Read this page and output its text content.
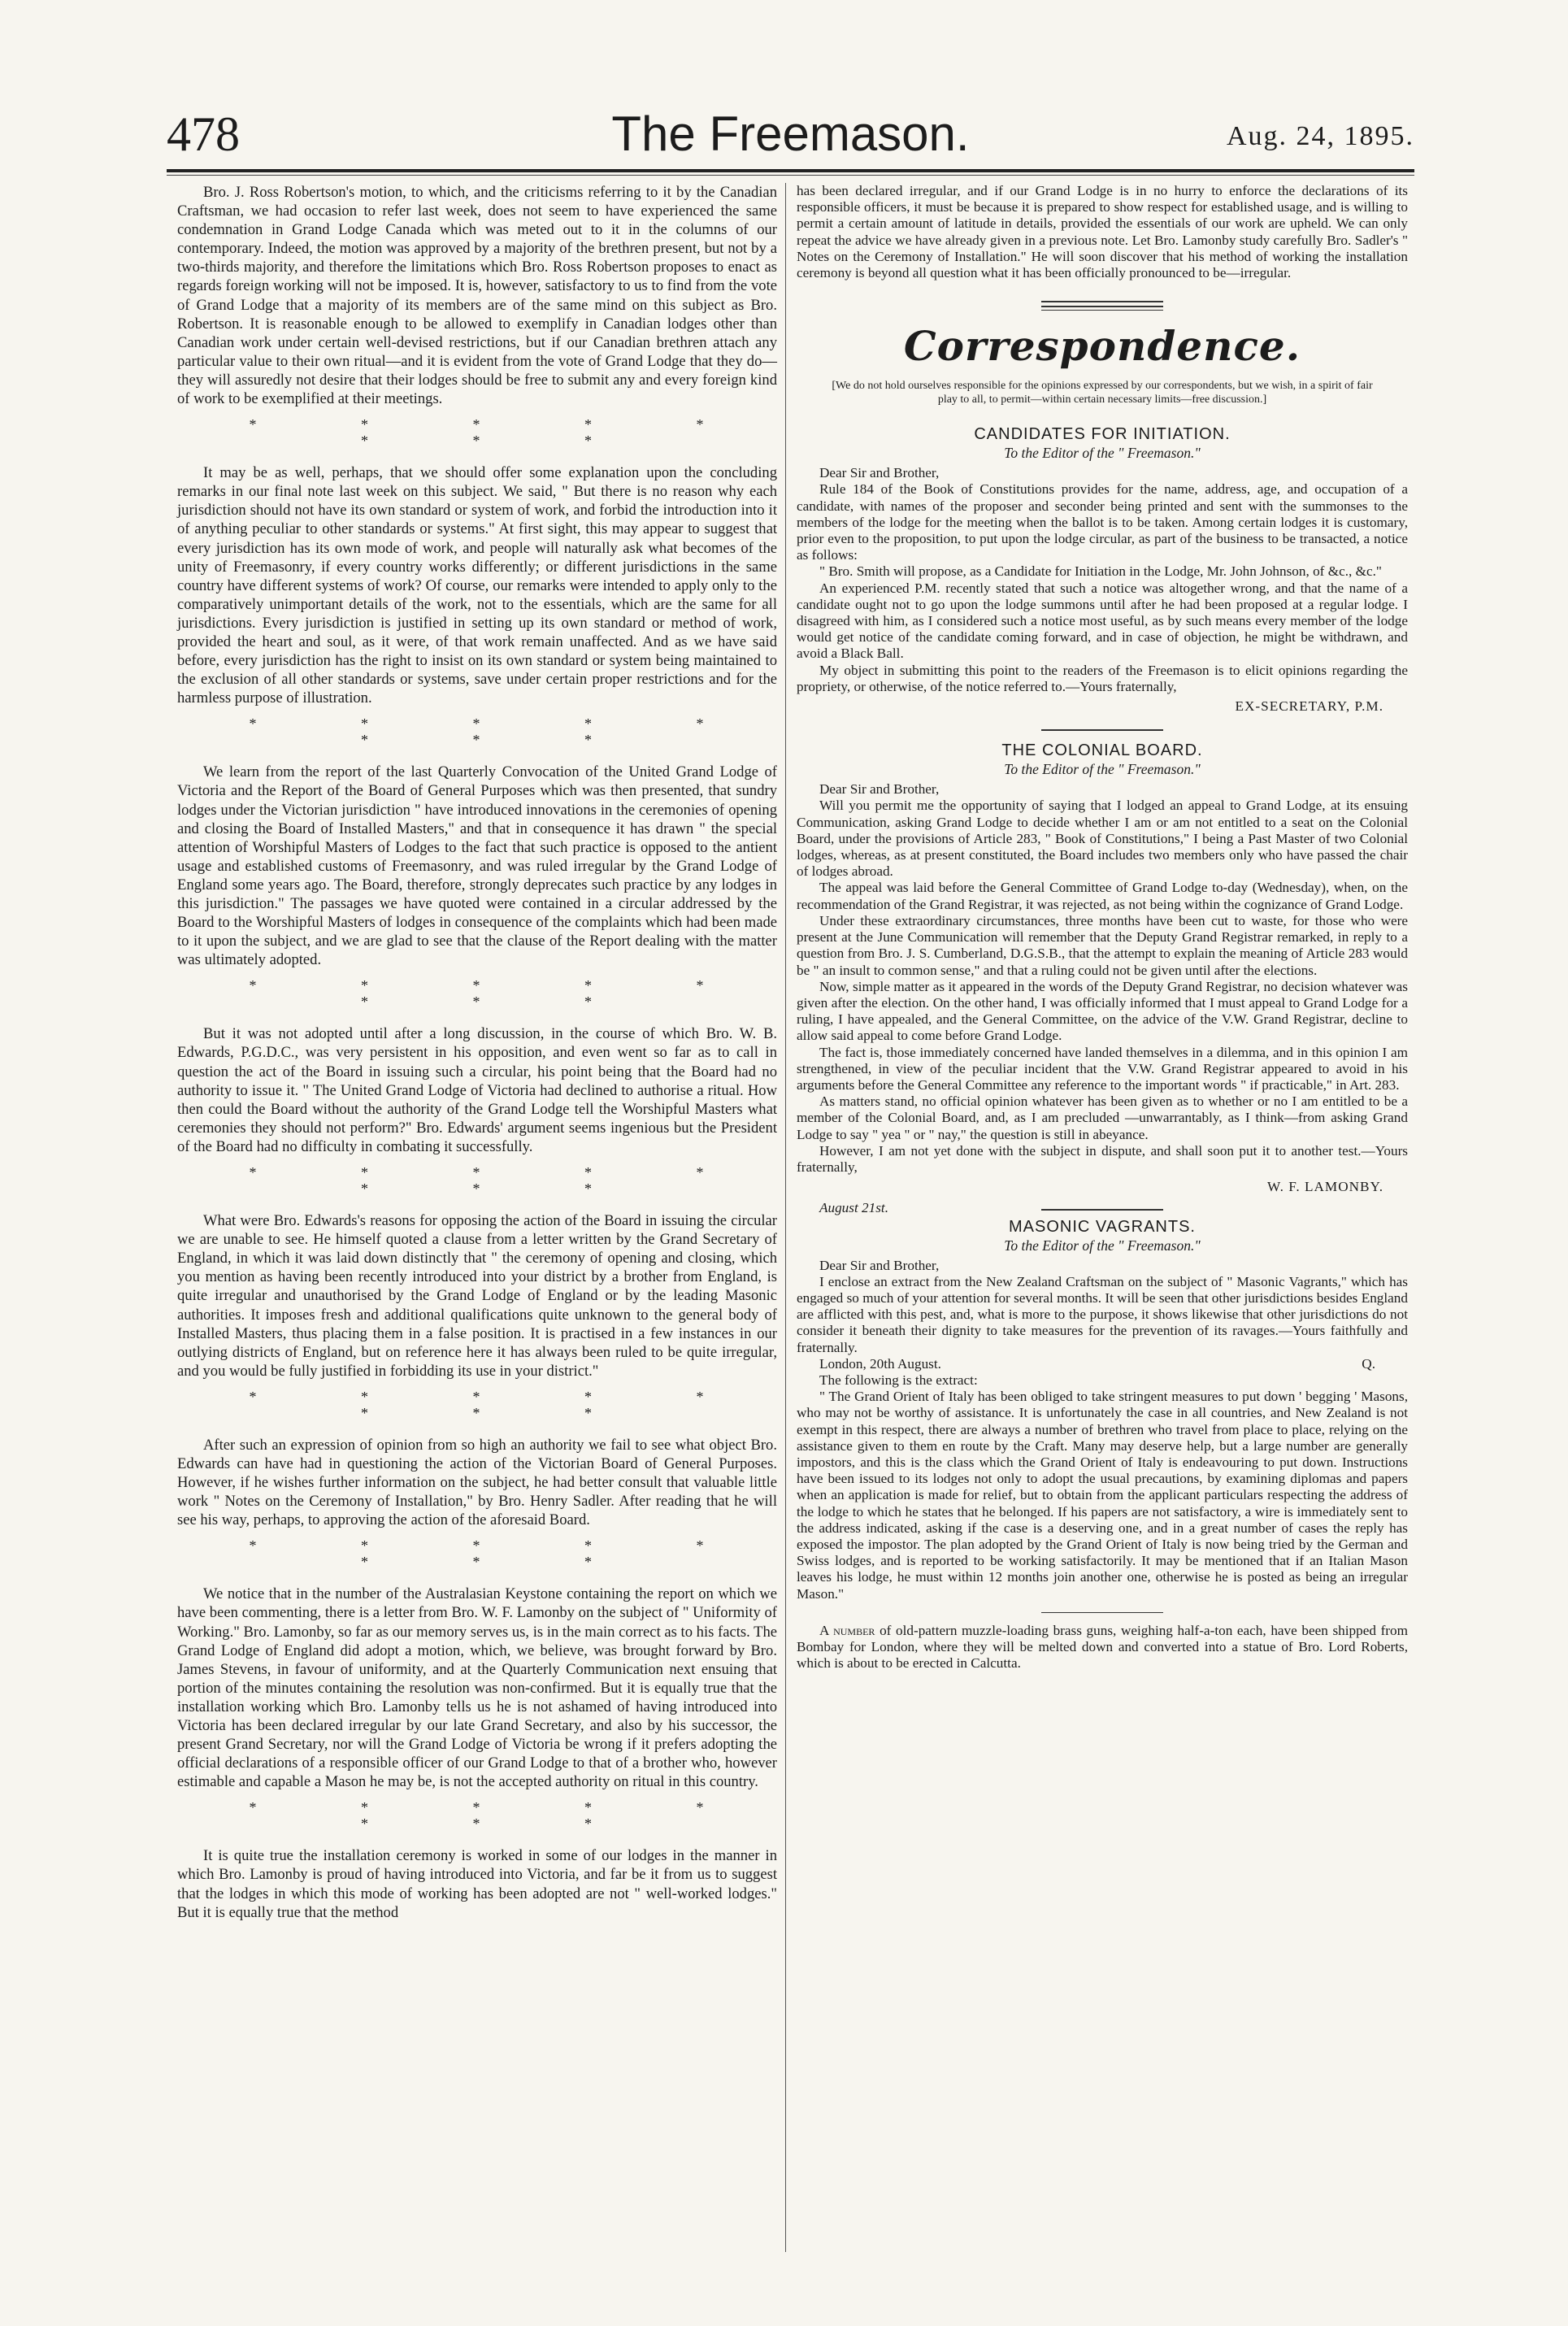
478	The Freemason.	Aug. 24, 1895.

Bro. J. Ross Robertson's motion, to which, and the criticisms referring to it by the Canadian Craftsman, we had occasion to refer last week, does not seem to have experienced the same condemnation in Grand Lodge Canada which was meted out to it in the columns of our contemporary. Indeed, the motion was approved by a majority of the brethren present, but not by a two-thirds majority, and therefore the limitations which Bro. Ross Robertson proposes to enact as regards foreign working will not be imposed. It is, however, satisfactory to us to find from the vote of Grand Lodge that a majority of its members are of the same mind on this subject as Bro. Robertson. It is reasonable enough to be allowed to exemplify in Canadian lodges other than Canadian work under certain well-devised restrictions, but if our Canadian brethren attach any particular value to their own ritual—and it is evident from the vote of Grand Lodge that they do—they will assuredly not desire that their lodges should be free to submit any and every foreign kind of work to be exemplified at their meetings.

* * * * * * * *

It may be as well, perhaps, that we should offer some explanation upon the concluding remarks in our final note last week on this subject. We said, " But there is no reason why each jurisdiction should not have its own standard or system of work, and forbid the introduction into it of anything peculiar to other standards or systems." At first sight, this may appear to suggest that every jurisdiction has its own mode of work, and people will naturally ask what becomes of the unity of Freemasonry, if every country works differently; or different jurisdictions in the same country have different systems of work? Of course, our remarks were intended to apply only to the comparatively unimportant details of the work, not to the essentials, which are the same for all jurisdictions. Every jurisdiction is justified in setting up its own standard or method of work, provided the heart and soul, as it were, of that work remain unaffected. And as we have said before, every jurisdiction has the right to insist on its own standard or system being maintained to the exclusion of all other standards or systems, save under certain proper restrictions and for the harmless purpose of illustration.

* * * * * * * *

We learn from the report of the last Quarterly Convocation of the United Grand Lodge of Victoria and the Report of the Board of General Purposes which was then presented, that sundry lodges under the Victorian jurisdiction " have introduced innovations in the ceremonies of opening and closing the Board of Installed Masters," and that in consequence it has drawn " the special attention of Worshipful Masters of Lodges to the fact that such practice is opposed to the antient usage and established customs of Freemasonry, and was ruled irregular by the Grand Lodge of England some years ago. The Board, therefore, strongly deprecates such practice by any lodges in this jurisdiction." The passages we have quoted were contained in a circular addressed by the Board to the Worshipful Masters of lodges in consequence of the complaints which had been made to it upon the subject, and we are glad to see that the clause of the Report dealing with the matter was ultimately adopted.

* * * * * * * *

But it was not adopted until after a long discussion, in the course of which Bro. W. B. Edwards, P.G.D.C., was very persistent in his opposition, and even went so far as to call in question the act of the Board in issuing such a circular, his point being that the Board had no authority to issue it. " The United Grand Lodge of Victoria had declined to authorise a ritual. How then could the Board without the authority of the Grand Lodge tell the Worshipful Masters what ceremonies they should not perform?" Bro. Edwards' argument seems ingenious but the President of the Board had no difficulty in combating it successfully.

* * * * * * * *

What were Bro. Edwards's reasons for opposing the action of the Board in issuing the circular we are unable to see. He himself quoted a clause from a letter written by the Grand Secretary of England, in which it was laid down distinctly that " the ceremony of opening and closing, which you mention as having been recently introduced into your district by a brother from England, is quite irregular and unauthorised by the Grand Lodge of England or by the leading Masonic authorities. It imposes fresh and additional qualifications quite unknown to the general body of Installed Masters, thus placing them in a false position. It is practised in a few instances in our outlying districts of England, but on reference here it has always been ruled to be quite irregular, and you would be fully justified in forbidding its use in your district."

* * * * * * * *

After such an expression of opinion from so high an authority we fail to see what object Bro. Edwards can have had in questioning the action of the Victorian Board of General Purposes. However, if he wishes further information on the subject, he had better consult that valuable little work " Notes on the Ceremony of Installation," by Bro. Henry Sadler. After reading that he will see his way, perhaps, to approving the action of the aforesaid Board.

* * * * * * * *

We notice that in the number of the Australasian Keystone containing the report on which we have been commenting, there is a letter from Bro. W. F. Lamonby on the subject of " Uniformity of Working." Bro. Lamonby, so far as our memory serves us, is in the main correct as to his facts. The Grand Lodge of England did adopt a motion, which, we believe, was brought forward by Bro. James Stevens, in favour of uniformity, and at the Quarterly Communication next ensuing that portion of the minutes containing the resolution was non-confirmed. But it is equally true that the installation working which Bro. Lamonby tells us he is not ashamed of having introduced into Victoria has been declared irregular by our late Grand Secretary, and also by his successor, the present Grand Secretary, nor will the Grand Lodge of Victoria be wrong if it prefers adopting the official declarations of a responsible officer of our Grand Lodge to that of a brother who, however estimable and capable a Mason he may be, is not the accepted authority on ritual in this country.

* * * * * * * *

It is quite true the installation ceremony is worked in some of our lodges in the manner in which Bro. Lamonby is proud of having introduced into Victoria, and far be it from us to suggest that the lodges in which this mode of working has been adopted are not " well-worked lodges." But it is equally true that the method

has been declared irregular, and if our Grand Lodge is in no hurry to enforce the declarations of its responsible officers, it must be because it is prepared to show respect for established usage, and is willing to permit a certain amount of latitude in details, provided the essentials of our work are upheld. We can only repeat the advice we have already given in a previous note. Let Bro. Lamonby study carefully Bro. Sadler's " Notes on the Ceremony of Installation." He will soon discover that his method of working the installation ceremony is beyond all question what it has been officially pronounced to be—irregular.

Correspondence.
[We do not hold ourselves responsible for the opinions expressed by our correspondents, but we wish, in a spirit of fair play to all, to permit—within certain necessary limits—free discussion.]

CANDIDATES FOR INITIATION.

To the Editor of the " Freemason."

Dear Sir and Brother,

Rule 184 of the Book of Constitutions provides for the name, address, age, and occupation of a candidate, with names of the proposer and seconder being printed and sent with the summonses to the members of the lodge for the meeting when the ballot is to be taken. Among certain lodges it is customary, prior even to the proposition, to put upon the lodge circular, as part of the business to be transacted, a notice as follows:

" Bro. Smith will propose, as a Candidate for Initiation in the Lodge, Mr. John Johnson, of &c., &c."

An experienced P.M. recently stated that such a notice was altogether wrong, and that the name of a candidate ought not to go upon the lodge summons until after he had been proposed at a regular lodge. I disagreed with him, as I considered such a notice most useful, as by such means every member of the lodge would get notice of the candidate coming forward, and in case of objection, he might be withdrawn, and avoid a Black Ball.

My object in submitting this point to the readers of the Freemason is to elicit opinions regarding the propriety, or otherwise, of the notice referred to.—Yours fraternally,

EX-SECRETARY, P.M.

THE COLONIAL BOARD.

To the Editor of the " Freemason."

Dear Sir and Brother,

Will you permit me the opportunity of saying that I lodged an appeal to Grand Lodge, at its ensuing Communication, asking Grand Lodge to decide whether I am or am not entitled to a seat on the Colonial Board, under the provisions of Article 283, " Book of Constitutions," I being a Past Master of two Colonial lodges, whereas, as at present constituted, the Board includes two members only who have passed the chair of lodges abroad.

The appeal was laid before the General Committee of Grand Lodge to-day (Wednesday), when, on the recommendation of the Grand Registrar, it was rejected, as not being within the cognizance of Grand Lodge.

Under these extraordinary circumstances, three months have been cut to waste, for those who were present at the June Communication will remember that the Deputy Grand Registrar remarked, in reply to a question from Bro. J. S. Cumberland, D.G.S.B., that the attempt to explain the meaning of Article 283 would be " an insult to common sense," and that a ruling could not be given until after the elections.

Now, simple matter as it appeared in the words of the Deputy Grand Registrar, no decision whatever was given after the election. On the other hand, I was officially informed that I must appeal to Grand Lodge for a ruling, I have appealed, and the General Committee, on the advice of the V.W. Grand Registrar, decline to allow said appeal to come before Grand Lodge.

The fact is, those immediately concerned have landed themselves in a dilemma, and in this opinion I am strengthened, in view of the peculiar incident that the V.W. Grand Registrar appeared to avoid in his arguments before the General Committee any reference to the important words " if practicable," in Art. 283.

As matters stand, no official opinion whatever has been given as to whether or no I am entitled to be a member of the Colonial Board, and, as I am precluded —unwarrantably, as I think—from asking Grand Lodge to say " yea " or " nay," the question is still in abeyance.

However, I am not yet done with the subject in dispute, and shall soon put it to another test.—Yours fraternally,

W. F. LAMONBY.

August 21st.

MASONIC VAGRANTS.

To the Editor of the " Freemason."

Dear Sir and Brother,

I enclose an extract from the New Zealand Craftsman on the subject of " Masonic Vagrants," which has engaged so much of your attention for several months. It will be seen that other jurisdictions besides England are afflicted with this pest, and, what is more to the purpose, it shows likewise that other jurisdictions do not consider it beneath their dignity to take measures for the prevention of its ravages.—Yours faithfully and fraternally.

London, 20th August.	Q.

The following is the extract:

" The Grand Orient of Italy has been obliged to take stringent measures to put down ' begging ' Masons, who may not be worthy of assistance. It is unfortunately the case in all countries, and New Zealand is not exempt in this respect, there are always a number of brethren who travel from place to place, relying on the assistance given to them en route by the Craft. Many may deserve help, but a large number are generally impostors, and this is the class which the Grand Orient of Italy is endeavouring to put down. Instructions have been issued to its lodges not only to adopt the usual precautions, by examining diplomas and papers when an application is made for relief, but to obtain from the applicant particulars respecting the address of the lodge to which he states that he belonged. If his papers are not satisfactory, a wire is immediately sent to the address indicated, asking if the case is a deserving one, and in a great number of cases the reply has exposed the impostor. The plan adopted by the Grand Orient of Italy is now being tried by the German and Swiss lodges, and is reported to be working satisfactorily. It may be mentioned that if an Italian Mason leaves his lodge, he must within 12 months join another one, otherwise he is posted as being an irregular Mason."

A number of old-pattern muzzle-loading brass guns, weighing half-a-ton each, have been shipped from Bombay for London, where they will be melted down and converted into a statue of Bro. Lord Roberts, which is about to be erected in Calcutta.
